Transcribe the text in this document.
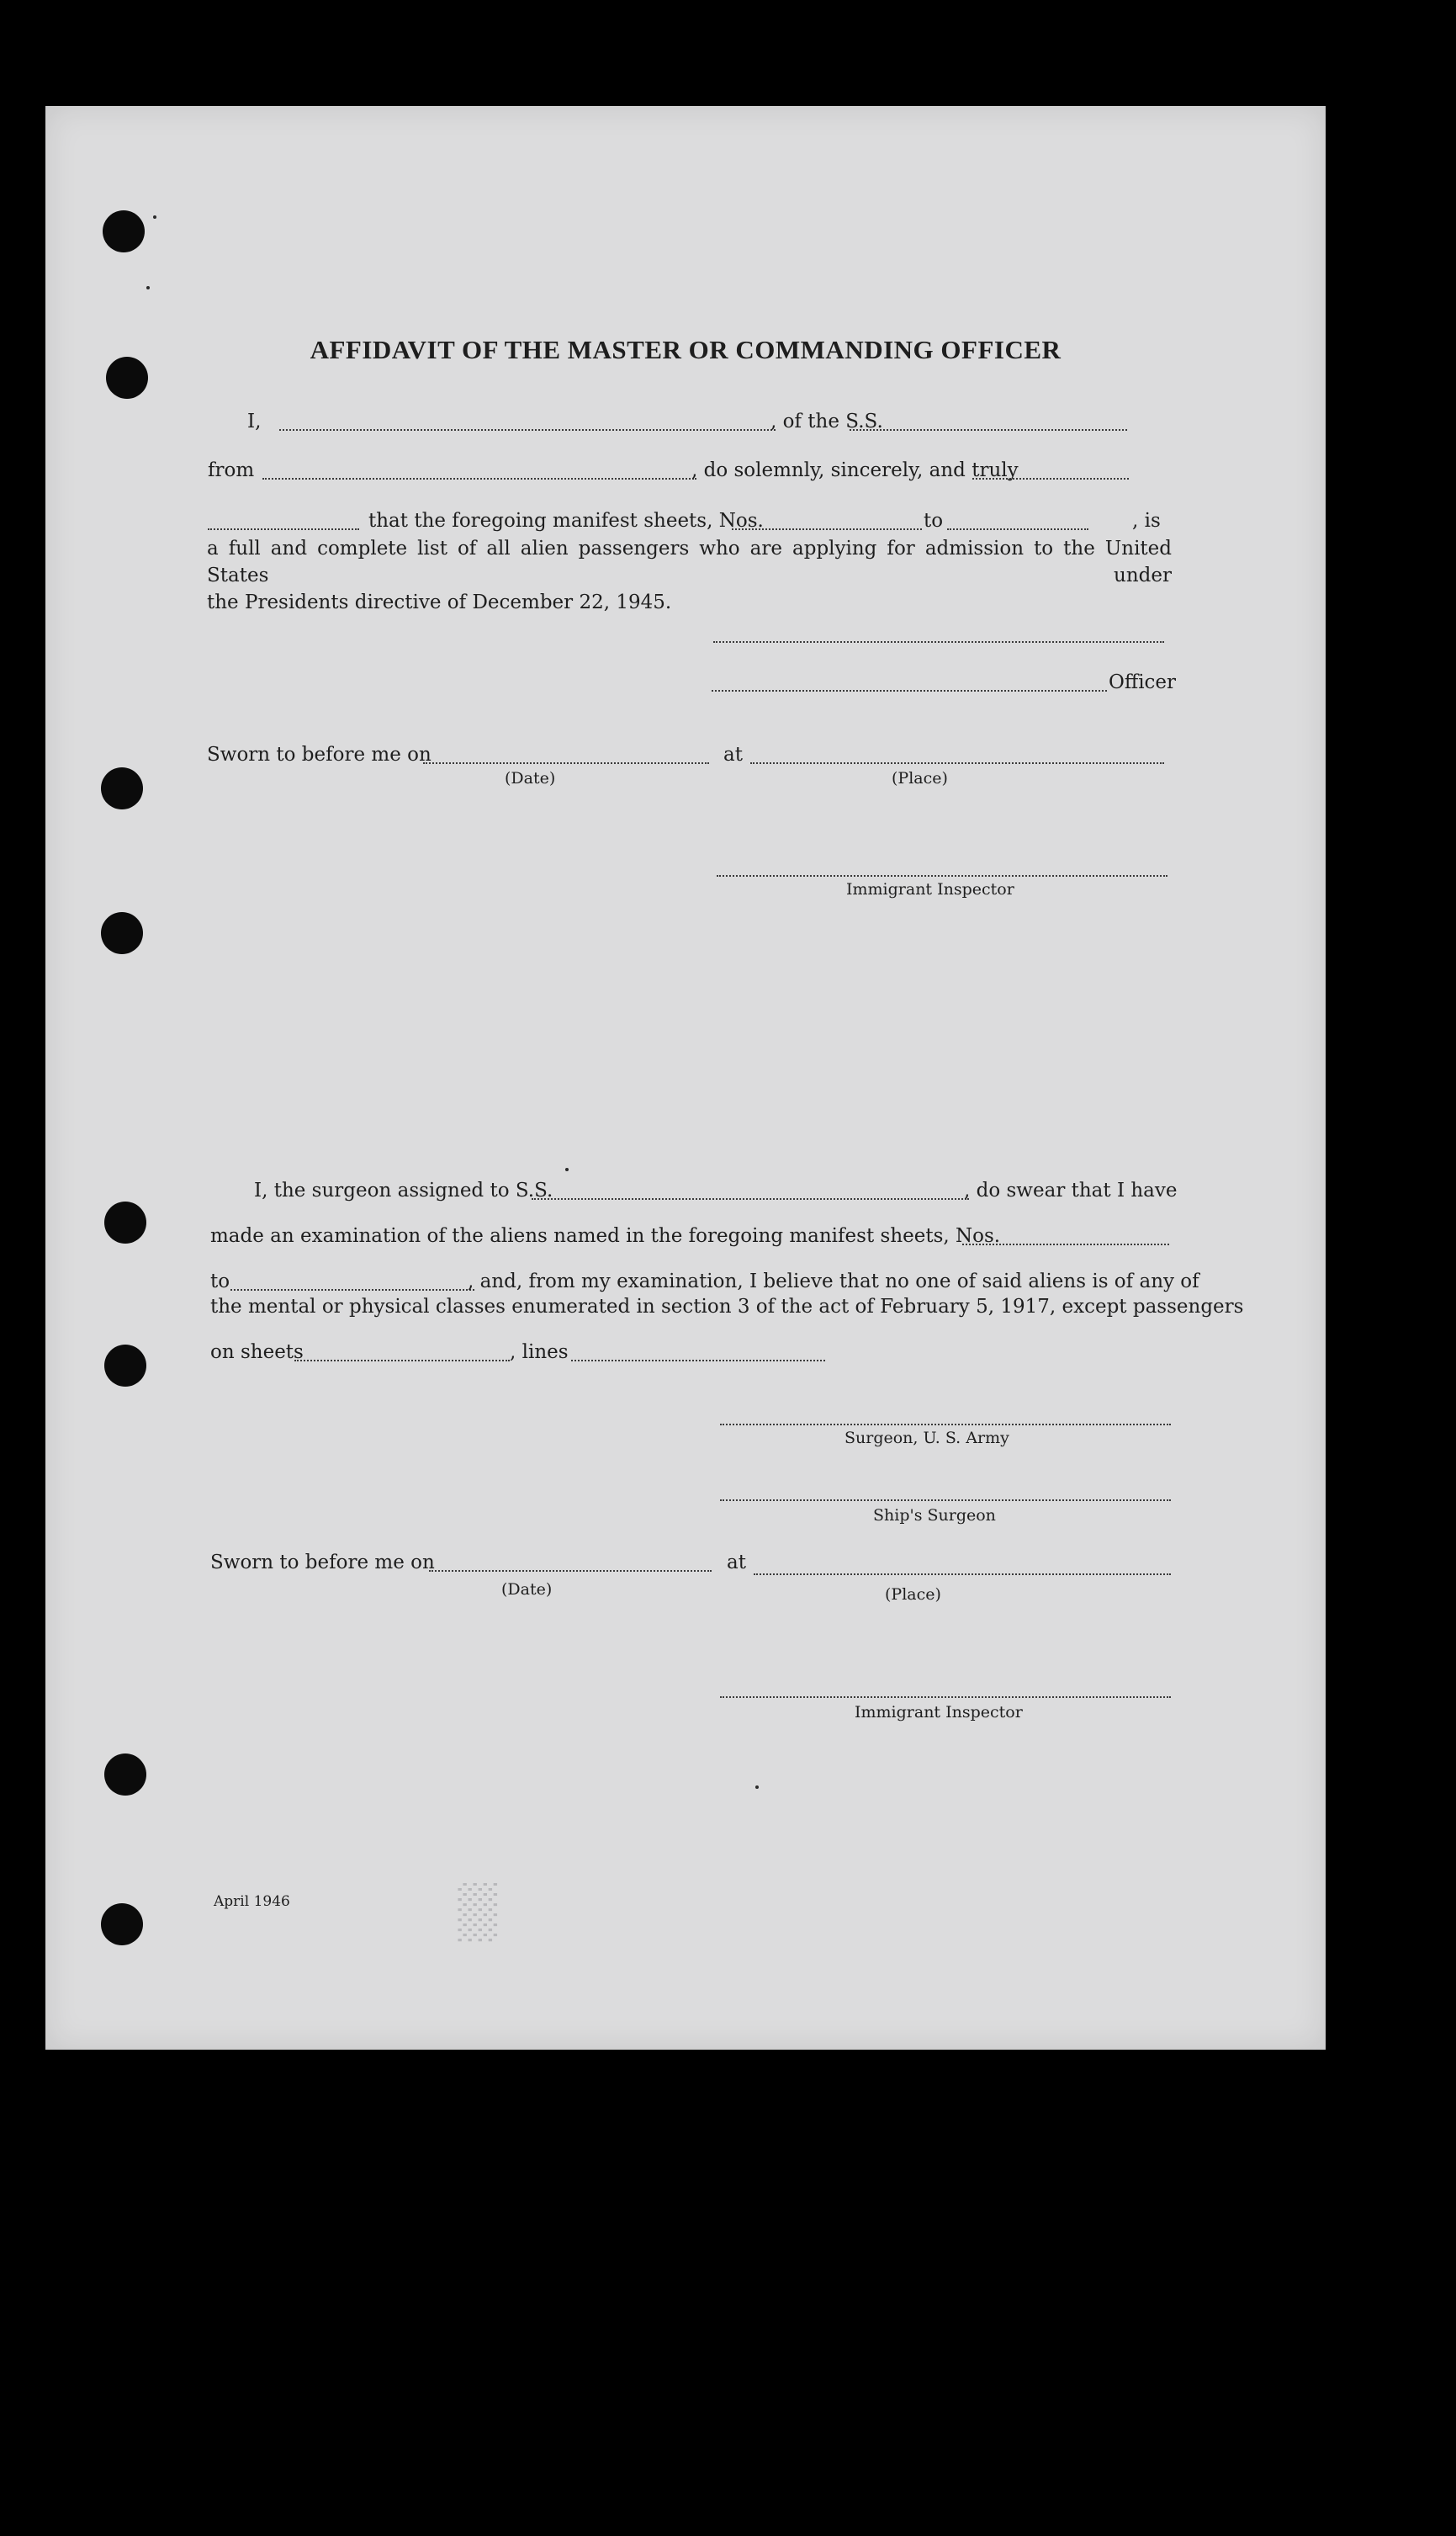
░░░
AFFIDAVIT OF THE MASTER OR COMMANDING OFFICER
I,	, of the S.S.
from	, do solemnly, sincerely, and truly
that the foregoing manifest sheets, Nos.	to	, is
a full and complete list of all alien passengers who are applying for admission to the United States under
the Presidents directive of December 22, 1945.
Officer
Sworn to before me on	at
(Date)	(Place)
Immigrant Inspector
I, the surgeon assigned to S.S.	, do swear that I have
made an examination of the aliens named in the foregoing manifest sheets, Nos.
to	, and, from my examination, I believe that no one of said aliens is of any of
the mental or physical classes enumerated in section 3 of the act of February 5, 1917, except passengers
on sheets	, lines
Surgeon, U. S. Army
Ship's Surgeon
Sworn to before me on	at
(Date)	(Place)
Immigrant Inspector
April 1946
